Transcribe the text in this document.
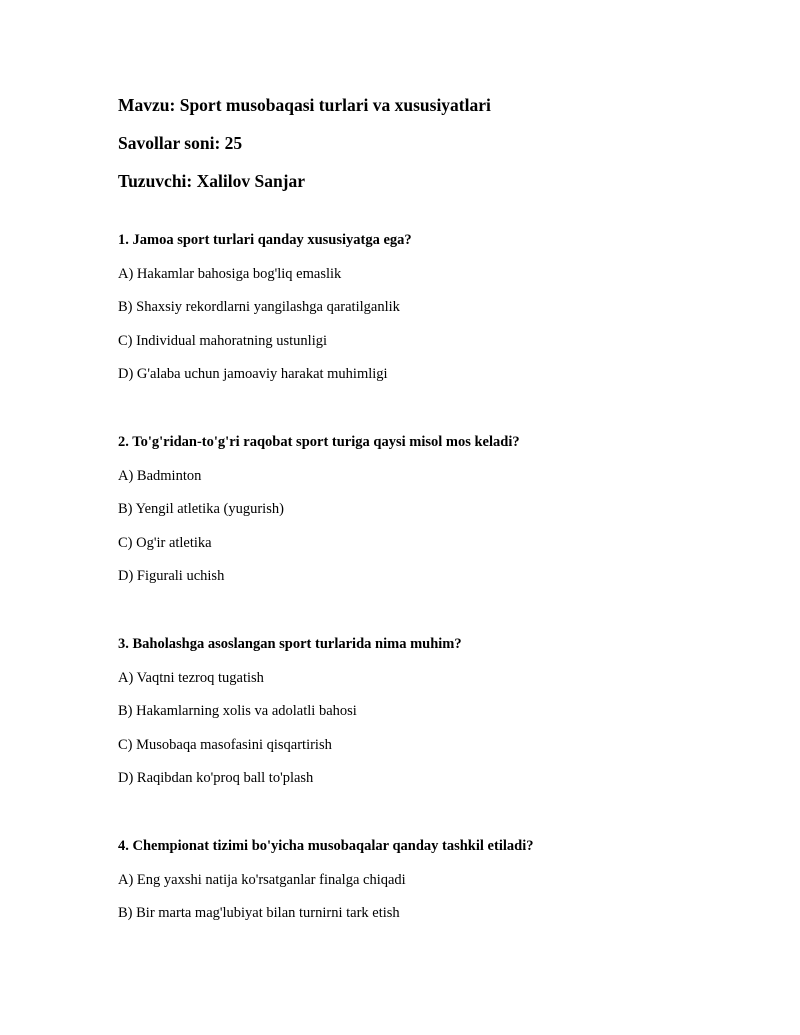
Mavzu: Sport musobaqasi turlari va xususiyatlari
Savollar soni: 25
Tuzuvchi: Xalilov Sanjar
1. Jamoa sport turlari qanday xususiyatga ega?
A) Hakamlar bahosiga bog'liq emaslik
B) Shaxsiy rekordlarni yangilashga qaratilganlik
C) Individual mahoratning ustunligi
D) G'alaba uchun jamoaviy harakat muhimligi
2. To'g'ridan-to'g'ri raqobat sport turiga qaysi misol mos keladi?
A) Badminton
B) Yengil atletika (yugurish)
C) Og'ir atletika
D) Figurali uchish
3. Baholashga asoslangan sport turlarida nima muhim?
A) Vaqtni tezroq tugatish
B) Hakamlarning xolis va adolatli bahosi
C) Musobaqa masofasini qisqartirish
D) Raqibdan ko'proq ball to'plash
4. Chempionat tizimi bo'yicha musobaqalar qanday tashkil etiladi?
A) Eng yaxshi natija ko'rsatganlar finalga chiqadi
B) Bir marta mag'lubiyat bilan turnirni tark etish
